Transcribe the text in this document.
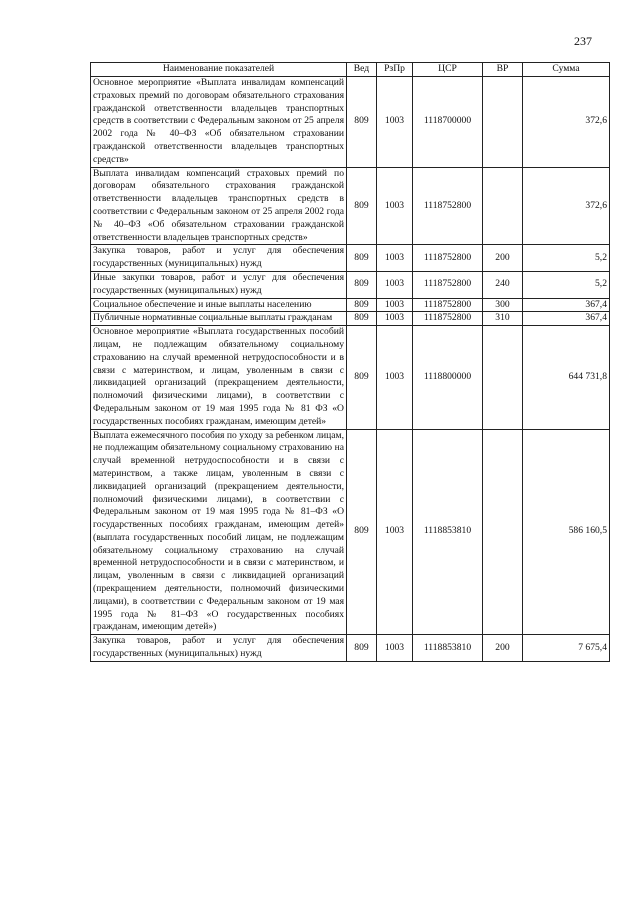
237
Наименование показателей	Вед	РзПр	ЦСР	ВР	Сумма
Основное мероприятие «Выплата инвалидам компенсаций страховых премий по договорам обязательного страхования гражданской ответственности владельцев транспортных средств в соответствии с Федеральным законом от 25 апреля 2002 года № 40–ФЗ «Об обязательном страховании гражданской ответственности владельцев транспортных средств»	809	1003	1118700000		372,6
Выплата инвалидам компенсаций страховых премий по договорам обязательного страхования гражданской ответственности владельцев транспортных средств в соответствии с Федеральным законом от 25 апреля 2002 года № 40–ФЗ «Об обязательном страховании гражданской ответственности владельцев транспортных средств»	809	1003	1118752800		372,6
Закупка товаров, работ и услуг для обеспечения государственных (муниципальных) нужд	809	1003	1118752800	200	5,2
Иные закупки товаров, работ и услуг для обеспечения государственных (муниципальных) нужд	809	1003	1118752800	240	5,2
Социальное обеспечение и иные выплаты населению	809	1003	1118752800	300	367,4
Публичные нормативные социальные выплаты гражданам	809	1003	1118752800	310	367,4
Основное мероприятие «Выплата государственных пособий лицам, не подлежащим обязательному социальному страхованию на случай временной нетрудоспособности и в связи с материнством, и лицам, уволенным в связи с ликвидацией организаций (прекращением деятельности, полномочий физическими лицами), в соответствии с Федеральным законом от 19 мая 1995 года № 81 ФЗ «О государственных пособиях гражданам, имеющим детей»	809	1003	1118800000		644 731,8
Выплата ежемесячного пособия по уходу за ребенком лицам, не подлежащим обязательному социальному страхованию на случай временной нетрудоспособности и в связи с материнством, а также лицам, уволенным в связи с ликвидацией организаций (прекращением деятельности, полномочий физическими лицами), в соответствии с Федеральным законом от 19 мая 1995 года № 81–ФЗ «О государственных пособиях гражданам, имеющим детей» (выплата государственных пособий лицам, не подлежащим обязательному социальному страхованию на случай временной нетрудоспособности и в связи с материнством, и лицам, уволенным в связи с ликвидацией организаций (прекращением деятельности, полномочий физическими лицами), в соответствии с Федеральным законом от 19 мая 1995 года № 81–ФЗ «О государственных пособиях гражданам, имеющим детей»)	809	1003	1118853810		586 160,5
Закупка товаров, работ и услуг для обеспечения государственных (муниципальных) нужд	809	1003	1118853810	200	7 675,4
